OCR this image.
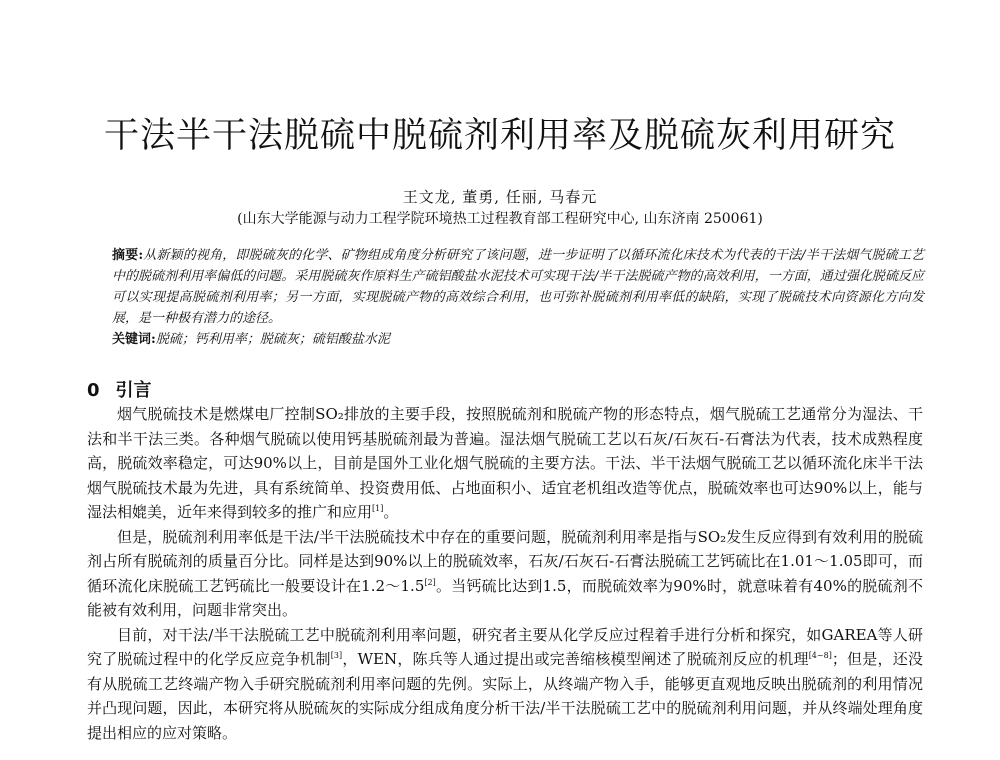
干法半干法脱硫中脱硫剂利用率及脱硫灰利用研究
王文龙, 董勇, 任丽, 马春元
(山东大学能源与动力工程学院环境热工过程教育部工程研究中心, 山东济南 250061)
摘要:从新颖的视角，即脱硫灰的化学、矿物组成角度分析研究了该问题，进一步证明了以循环流化床技术为代表的干法/半干法烟气脱硫工艺中的脱硫剂利用率偏低的问题。采用脱硫灰作原料生产硫铝酸盐水泥技术可实现干法/半干法脱硫产物的高效利用，一方面，通过强化脱硫反应可以实现提高脱硫剂利用率；另一方面，实现脱硫产物的高效综合利用，也可弥补脱硫剂利用率低的缺陷，实现了脱硫技术向资源化方向发展，是一种极有潜力的途径。
关键词:脱硫；钙利用率；脱硫灰；硫铝酸盐水泥
0 引言

烟气脱硫技术是燃煤电厂控制SO₂排放的主要手段，按照脱硫剂和脱硫产物的形态特点，烟气脱硫工艺通常分为湿法、干法和半干法三类。各种烟气脱硫以使用钙基脱硫剂最为普遍。湿法烟气脱硫工艺以石灰/石灰石-石膏法为代表，技术成熟程度高，脱硫效率稳定，可达90%以上，目前是国外工业化烟气脱硫的主要方法。干法、半干法烟气脱硫工艺以循环流化床半干法烟气脱硫技术最为先进，具有系统简单、投资费用低、占地面积小、适宜老机组改造等优点，脱硫效率也可达90%以上，能与湿法相媲美，近年来得到较多的推广和应用[1]。

但是，脱硫剂利用率低是干法/半干法脱硫技术中存在的重要问题，脱硫剂利用率是指与SO₂发生反应得到有效利用的脱硫剂占所有脱硫剂的质量百分比。同样是达到90%以上的脱硫效率，石灰/石灰石-石膏法脱硫工艺钙硫比在1.01～1.05即可，而循环流化床脱硫工艺钙硫比一般要设计在1.2～1.5[2]。当钙硫比达到1.5，而脱硫效率为90%时，就意味着有40%的脱硫剂不能被有效利用，问题非常突出。

目前，对干法/半干法脱硫工艺中脱硫剂利用率问题，研究者主要从化学反应过程着手进行分析和探究，如GAREA等人研究了脱硫过程中的化学反应竞争机制[3]，WEN，陈兵等人通过提出或完善缩核模型阐述了脱硫剂反应的机理[4~8]；但是，还没有从脱硫工艺终端产物入手研究脱硫剂利用率问题的先例。实际上，从终端产物入手，能够更直观地反映出脱硫剂的利用情况并凸现问题，因此，本研究将从脱硫灰的实际成分组成角度分析干法/半干法脱硫工艺中的脱硫剂利用问题，并从终端处理角度提出相应的应对策略。
